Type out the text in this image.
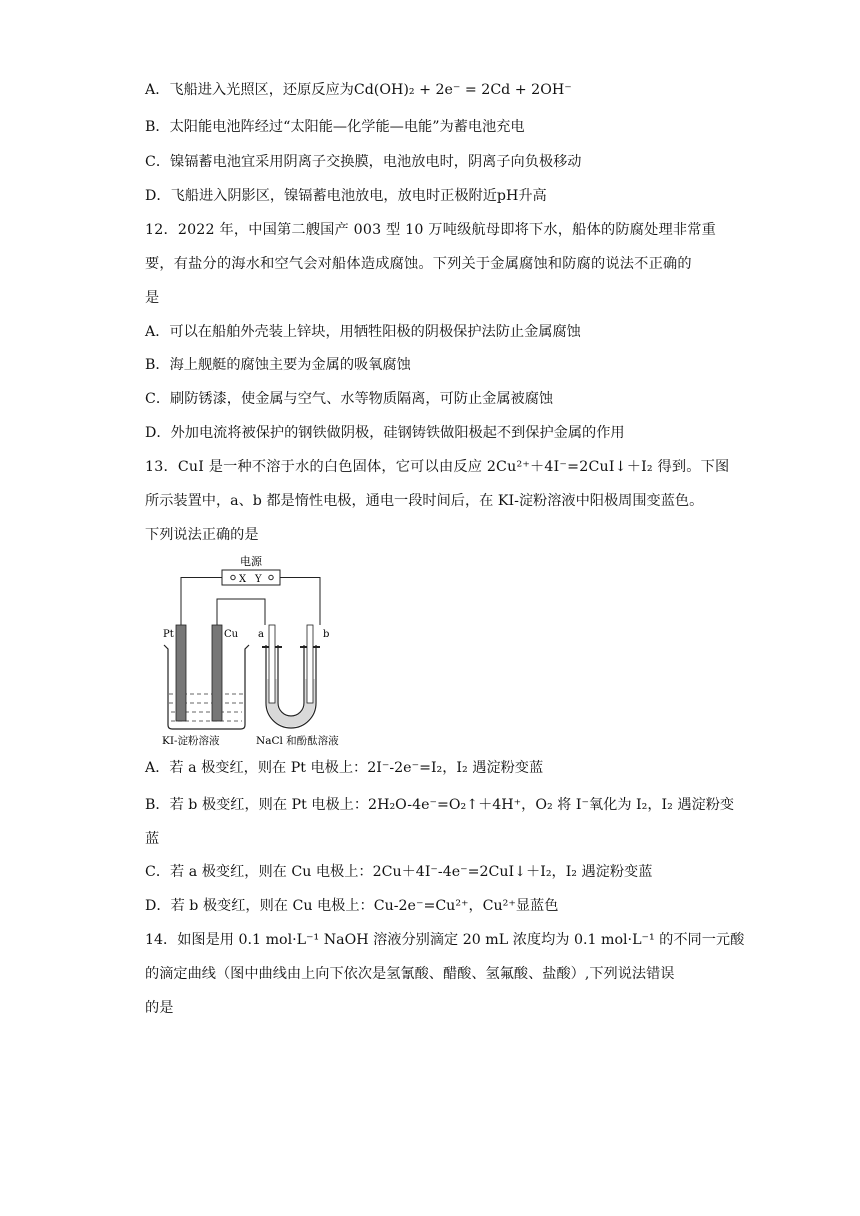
A．飞船进入光照区，还原反应为Cd(OH)₂ + 2e⁻ = 2Cd + 2OH⁻
B．太阳能电池阵经过“太阳能—化学能—电能”为蓄电池充电
C．镍镉蓄电池宜采用阴离子交换膜，电池放电时，阴离子向负极移动
D．飞船进入阴影区，镍镉蓄电池放电，放电时正极附近pH升高
12．2022 年，中国第二艘国产 003 型 10 万吨级航母即将下水，船体的防腐处理非常重
要，有盐分的海水和空气会对船体造成腐蚀。下列关于金属腐蚀和防腐的说法不正确的
是
A．可以在船舶外壳装上锌块，用牺牲阳极的阴极保护法防止金属腐蚀
B．海上舰艇的腐蚀主要为金属的吸氧腐蚀
C．刷防锈漆，使金属与空气、水等物质隔离，可防止金属被腐蚀
D．外加电流将被保护的钢铁做阴极，硅钢铸铁做阳极起不到保护金属的作用
13．CuI 是一种不溶于水的白色固体，它可以由反应 2Cu²⁺＋4I⁻=2CuI↓＋I₂ 得到。下图
所示装置中，a、b 都是惰性电极，通电一段时间后，在 KI-淀粉溶液中阳极周围变蓝色。
下列说法正确的是
电源
X Y
Pt	Cu a	b
KI-淀粉溶液	NaCl 和酚酞溶液
A．若 a 极变红，则在 Pt 电极上：2I⁻-2e⁻=I₂，I₂ 遇淀粉变蓝
B．若 b 极变红，则在 Pt 电极上：2H₂O-4e⁻=O₂↑＋4H⁺，O₂ 将 I⁻氧化为 I₂，I₂ 遇淀粉变
蓝
C．若 a 极变红，则在 Cu 电极上：2Cu＋4I⁻-4e⁻=2CuI↓＋I₂，I₂ 遇淀粉变蓝
D．若 b 极变红，则在 Cu 电极上：Cu-2e⁻=Cu²⁺，Cu²⁺显蓝色
14．如图是用 0.1 mol·L⁻¹ NaOH 溶液分别滴定 20 mL 浓度均为 0.1 mol·L⁻¹ 的不同一元酸
的滴定曲线（图中曲线由上向下依次是氢氰酸、醋酸、氢氟酸、盐酸）,下列说法错误
的是
